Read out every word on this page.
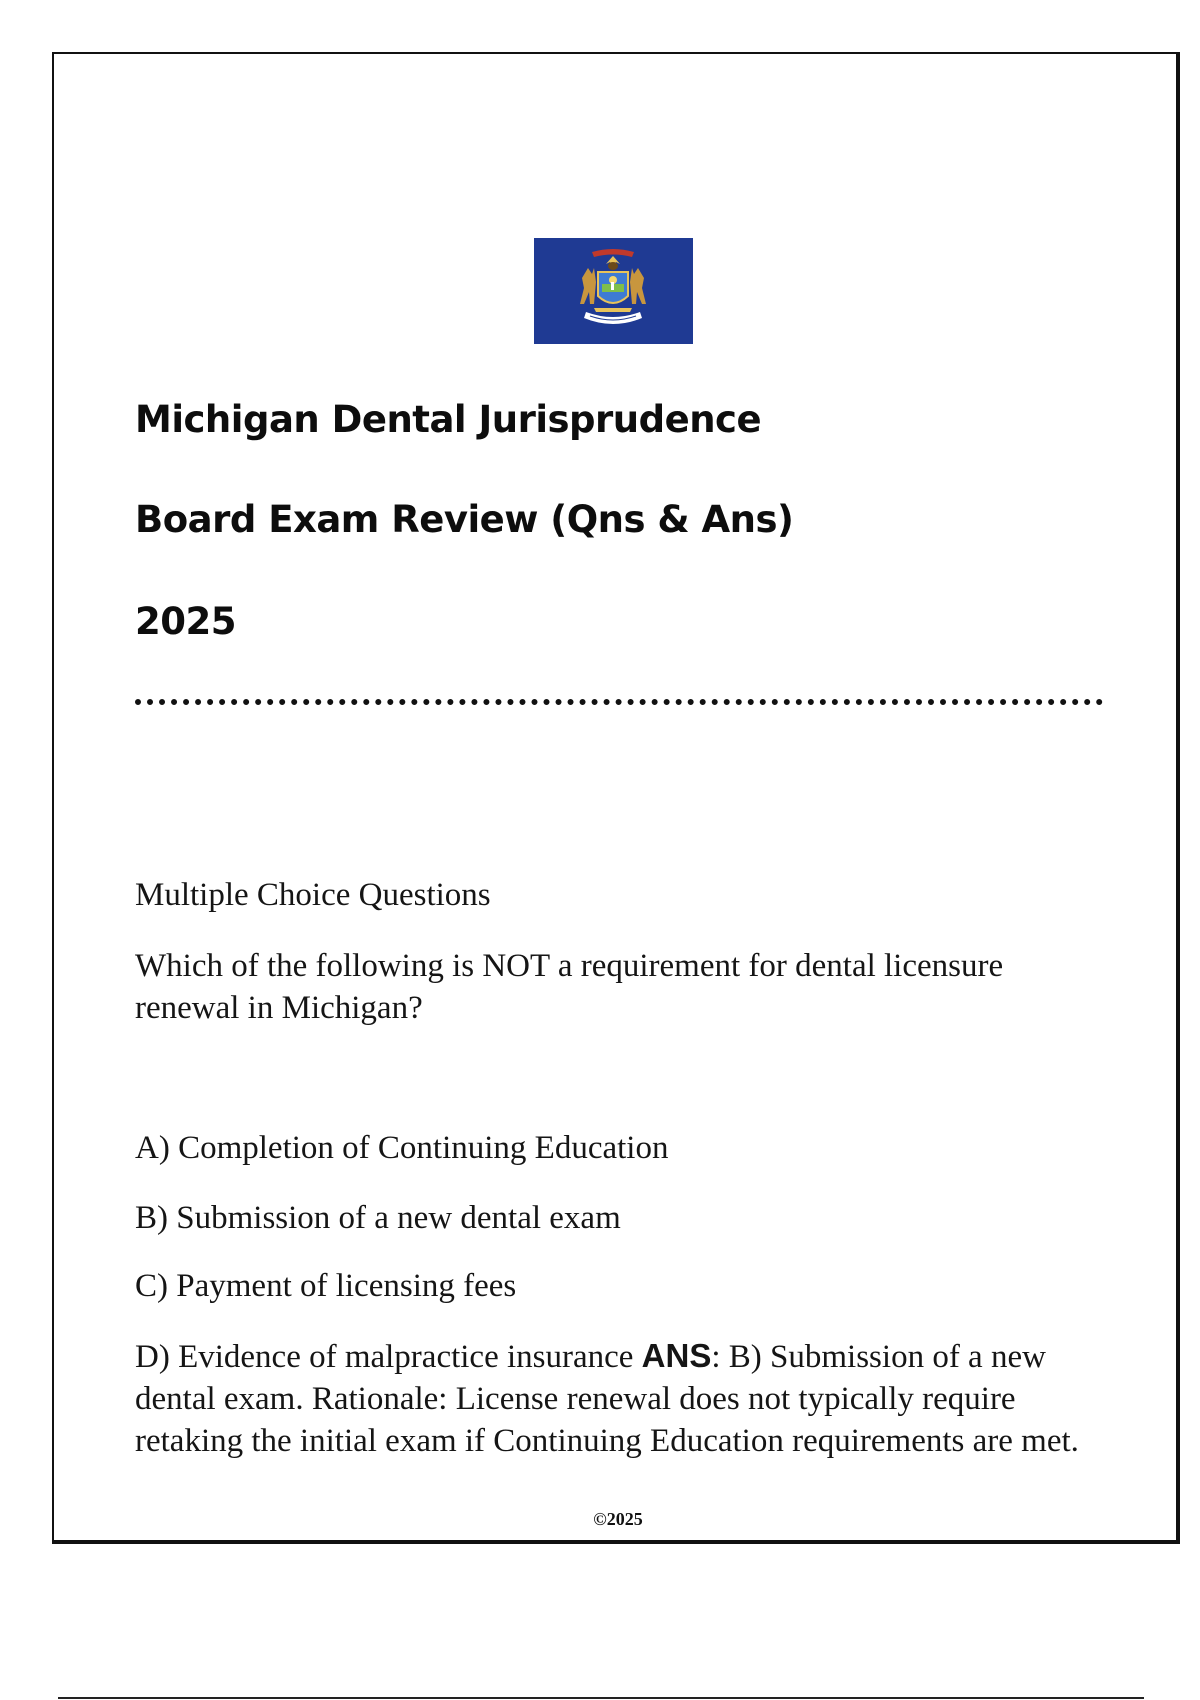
Michigan Dental Jurisprudence
Board Exam Review (Qns & Ans)
2025
Multiple Choice Questions
Which of the following is NOT a requirement for dental licensure renewal in Michigan?
A) Completion of Continuing Education
B) Submission of a new dental exam
C) Payment of licensing fees
D) Evidence of malpractice insurance ANS: B) Submission of a new dental exam. Rationale: License renewal does not typically require retaking the initial exam if Continuing Education requirements are met.
©2025
